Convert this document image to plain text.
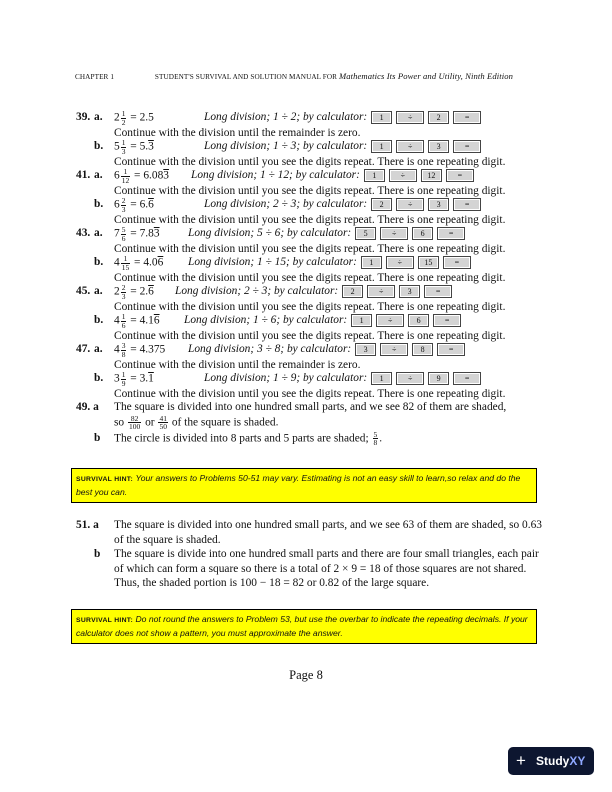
CHAPTER 1	STUDENT'S SURVIVAL AND SOLUTION MANUAL FOR Mathematics Its Power and Utility, Ninth Edition
39. a. $2 \frac{1}{2} = 2.5$	Long division; 1 ÷ 2; by calculator: 1	÷	2	=
Continue with the division until the remainder is zero.
b. $5 \frac{1}{3} = 5.3$	Long division; 1 ÷ 3; by calculator: 1	÷	3	=
Continue with the division until you see the digits repeat. There is one repeating digit.
41. a. $6 \frac{1}{12} = 6.083$ Long division; 1 ÷ 12; by calculator: 1	÷	12	=
Continue with the division until you see the digits repeat. There is one repeating digit.
b. $6 \frac{2}{3} = 6.6$	Long division; 2 ÷ 3; by calculator: 2	÷	3	=
Continue with the division until you see the digits repeat. There is one repeating digit.
43. a. $7 \frac{5}{6} = 7.83$ Long division; 5 ÷ 6; by calculator: 5	÷	6	=
Continue with the division until you see the digits repeat. There is one repeating digit.
b. $4 \frac{1}{15} = 4.06$ Long division; 1 ÷ 15; by calculator: 1	÷	15	=
Continue with the division until you see the digits repeat. There is one repeating digit.
45. a. $2 \frac{2}{3} = 2.6$ Long division; 2 ÷ 3; by calculator: 2	÷	3	=
Continue with the division until you see the digits repeat. There is one repeating digit.
b. $4 \frac{1}{6} = 4.16$ Long division; 1 ÷ 6; by calculator: 1	÷	6	=
Continue with the division until you see the digits repeat. There is one repeating digit.
47. a. $4 \frac{3}{8} = 4.375$ Long division; 3 ÷ 8; by calculator: 3	÷	8	=
Continue with the division until the remainder is zero.
b. $3 \frac{1}{9} = 3.1$	Long division; 1 ÷ 9; by calculator: 1	÷	9	=
Continue with the division until you see the digits repeat. There is one repeating digit.
49. a The square is divided into one hundred small parts, and we see 82 of them are shaded,
so $\frac{82}{100}$ or $\frac{41}{50}$ of the square is shaded.
b The circle is divided into 8 parts and 5 parts are shaded; $\frac{5}{8}$ .
SURVIVAL HINT: Your answers to Problems 50-51 may vary. Estimating is not an easy skill to learn,so relax and do the best you can.
51. a The square is divided into one hundred small parts, and we see 63 of them are shaded, so 0.63 of the square is shaded.
b The square is divide into one hundred small parts and there are four small triangles, each pair of which can form a square so there is a total of 2 × 9 = 18 of those squares are not shared. Thus, the shaded portion is 100 − 18 = 82 or 0.82 of the large square.
SURVIVAL HINT: Do not round the answers to Problem 53, but use the overbar to indicate the repeating decimals. If your calculator does not show a pattern, you must approximate the answer.
Page 8
+ StudyXY
